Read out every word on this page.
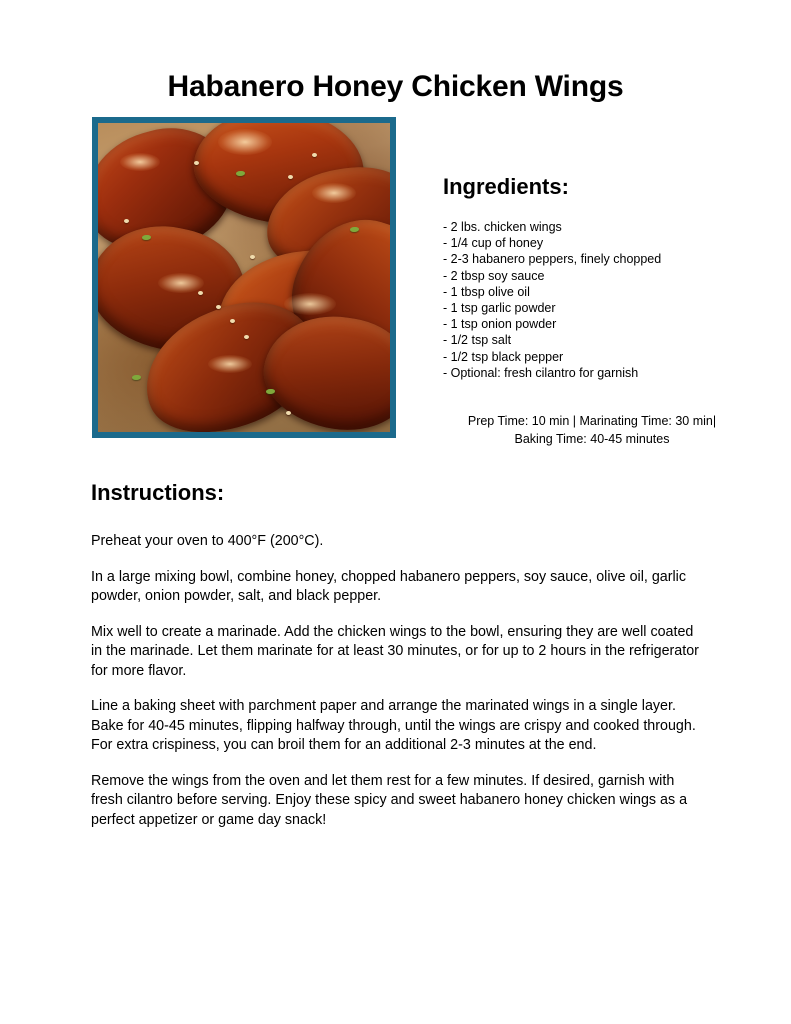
Habanero Honey Chicken Wings
Ingredients:
- 2 lbs. chicken wings
- 1/4 cup of honey
- 2-3 habanero peppers, finely chopped
- 2 tbsp soy sauce
- 1 tbsp olive oil
- 1 tsp garlic powder
- 1 tsp onion powder
- 1/2 tsp salt
- 1/2 tsp black pepper
- Optional: fresh cilantro for garnish
Prep Time: 10 min | Marinating Time: 30 min|
Baking Time: 40-45 minutes
Instructions:

Preheat your oven to 400°F (200°C).

In a large mixing bowl, combine honey, chopped habanero peppers, soy sauce, olive oil, garlic powder, onion powder, salt, and black pepper.

Mix well to create a marinade. Add the chicken wings to the bowl, ensuring they are well coated in the marinade. Let them marinate for at least 30 minutes, or for up to 2 hours in the refrigerator for more flavor.

Line a baking sheet with parchment paper and arrange the marinated wings in a single layer. Bake for 40-45 minutes, flipping halfway through, until the wings are crispy and cooked through. For extra crispiness, you can broil them for an additional 2-3 minutes at the end.

Remove the wings from the oven and let them rest for a few minutes. If desired, garnish with fresh cilantro before serving. Enjoy these spicy and sweet habanero honey chicken wings as a perfect appetizer or game day snack!
